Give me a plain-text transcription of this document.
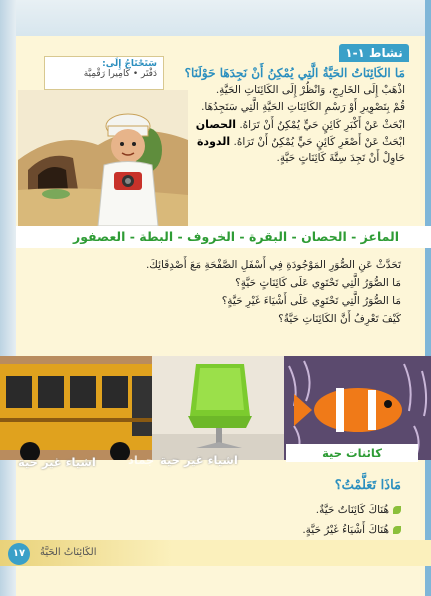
نشاط ١-١
مَا الكَائِنَاتُ الحَيَّةُ الَّتِي يُمْكِنُ أَنْ نَجِدَهَا حَوْلَنَا؟
سَتَحْتَاجُ إِلَى:
دَفْتَر • كَامِيرا رَقْمِيَّة
اذْهَبْ إِلَى الخَارِجِ، وَانْظُرْ إِلَى الكَائِنَاتِ الحَيَّةِ.
قُمْ بِتَصْوِيرِ أَوْ رَسْمِ الكَائِنَاتِ الحَيَّةِ الَّتِي سَتَجِدُهَا.
ابْحَثْ عَنْ أَكْبَرِ كَائِنٍ حَيٍّ يُمْكِنُ أَنْ تَرَاهُ. الحصان
ابْحَثْ عَنْ أَصْغَرِ كَائِنٍ حَيٍّ يُمْكِنُ أَنْ تَرَاهُ. الدودة
حَاوِلْ أَنْ تَجِدَ سِتَّةَ كَائِنَاتٍ حَيَّةٍ.
الماعز - الحصان - البقرة - الخروف - البطة - العصفور
تَحَدَّثْ عَنِ الصُّوَرِ المَوْجُودَةِ فِي أَسْفَلِ الصَّفْحَةِ مَعَ أَصْدِقَائِكَ.
مَا الصُّوَرُ الَّتِي تَحْتَوِي عَلَى كَائِنَاتٍ حَيَّةٍ؟
مَا الصُّوَرُ الَّتِي تَحْتَوِي عَلَى أَشْيَاءَ غَيْرِ حَيَّةٍ؟
كَيْفَ تَعْرِفُ أَنَّ الكَائِنَاتِ حَيَّةٌ؟
اشياء غير حية	جماد اشياء غير حية	كائنات حية
مَاذَا تَعَلَّمْتُ؟
هُنَاكَ كَائِنَاتٌ حَيَّةٌ.
هُنَاكَ أَشْيَاءُ غَيْرُ حَيَّةٍ.
١٧	الكَائِنَاتُ الحَيَّةُ
